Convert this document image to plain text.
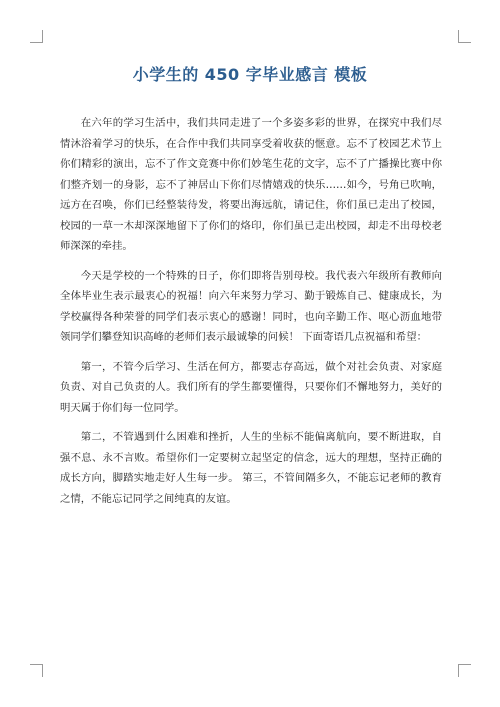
小学生的 450 字毕业感言 模板

在六年的学习生活中，我们共同走进了一个多姿多彩的世界，在探究中我们尽情沐浴着学习的快乐，在合作中我们共同享受着收获的惬意。忘不了校园艺术节上你们精彩的演出，忘不了作文竞赛中你们妙笔生花的文字，忘不了广播操比赛中你们整齐划一的身影，忘不了神居山下你们尽情嬉戏的快乐……如今，号角已吹响，远方在召唤，你们已经整装待发，将要出海远航，请记住，你们虽已走出了校园，校园的一草一木却深深地留下了你们的烙印，你们虽已走出校园，却走不出母校老师深深的牵挂。

今天是学校的一个特殊的日子，你们即将告别母校。我代表六年级所有教师向全体毕业生表示最衷心的祝福！向六年来努力学习、勤于锻炼自己、健康成长，为学校赢得各种荣誉的同学们表示衷心的感谢！同时，也向辛勤工作、呕心沥血地带领同学们攀登知识高峰的老师们表示最诚挚的问候！ 下面寄语几点祝福和希望：

第一，不管今后学习、生活在何方，都要志存高远，做个对社会负责、对家庭负责、对自己负责的人。我们所有的学生都要懂得，只要你们不懈地努力，美好的明天属于你们每一位同学。

第二，不管遇到什么困难和挫折，人生的坐标不能偏离航向，要不断进取，自强不息、永不言败。希望你们一定要树立起坚定的信念，远大的理想，坚持正确的成长方向，脚踏实地走好人生每一步。 第三，不管间隔多久，不能忘记老师的教育之情，不能忘记同学之间纯真的友谊。
